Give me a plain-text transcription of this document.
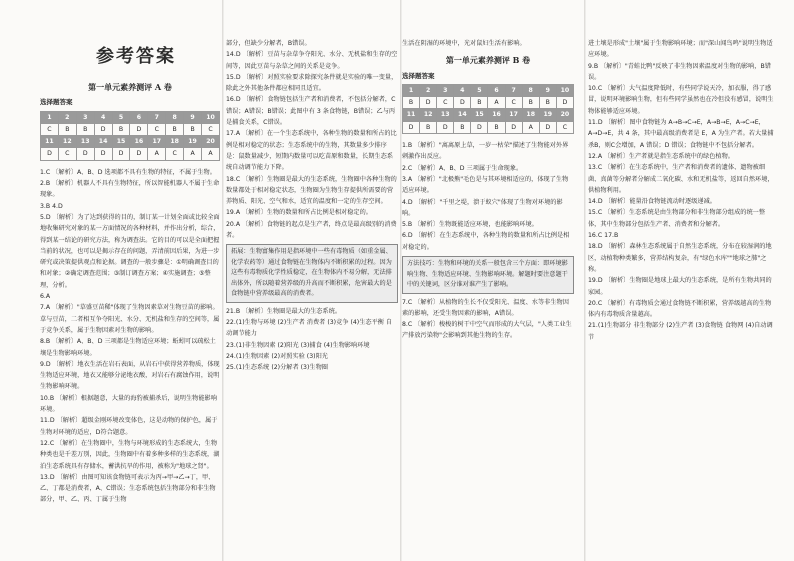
参考答案
第一单元素养测评 A 卷
选择题答案
1	2	3	4	5	6	7	8	9	10
C	B	B	D	B	D	C	B	B	C
11	12	13	14	15	16	17	18	19	20
D	C	D	D	D	D	A	C	A	A

1.C 〔解析〕A、B、D 选项都不具有生物的特征，不属于生物。

2.B 〔解析〕机器人不具有生物特征，所以智能机器人不属于生命现象。

3.B 4.D

5.D 〔解析〕为了达到获得的目的，制订某一计划全面或比较全面地收集研究对象的某一方面情况的各种材料，并作出分析，综合，得到某一结论的研究方法，称为调查法。它的目的可以是全面把握当前的状况，也可以是揭示存在的问题，弄清前因后果，为进一步研究或决策提供观点和论据。调查的一般步骤是：①明确调查目的和对象；②确定调查范围；③制订调查方案；④实施调查；⑤整理，分析。

6.A

7.A 〔解析〕"草盛豆苗稀"体现了生物因素草对生物豆苗的影响。草与豆苗，二者相互争夺阳光、水分、无机盐和生存的空间等，属于竞争关系，属于生物因素对生物的影响。

8.B 〔解析〕A、B、D 三项都是生物适应环境；蚯蚓可以疏松土壤是生物影响环境。

9.D 〔解析〕地衣生活在岩石表面，从岩石中获得营养物质，体现生物适应环境，地衣又能够分泌地衣酸，对岩石有腐蚀作用，说明生物影响环境。

10.B 〔解析〕根据题意，大量的海豹被捕杀后，说明生物能影响环境。

11.D 〔解析〕超级金刚环境改变体色，这是动物的保护色，属于生物对环境的适应，D符合题意。

12.C 〔解析〕在生物圈中，生物与环境形成的生态系统大，生物种类也是千差万别，因此，生物圈中有着多种多样的生态系统，湖泊生态系统具有存储水，蓄洪抗旱的作用，被称为"地球之肾"。

13.D 〔解析〕由图可知该食物链可表示为丙→甲→乙→丁，甲、乙、丁都是消费者，A、C错误；生态系统包括生物部分和非生物部分，甲、乙、丙、丁属于生物

部分，但缺少分解者，B错误。

14.D 〔解析〕豆苗与杂草争夺阳光、水分、无机盐和生存的空间等，因此豆苗与杂草之间的关系是竞争。

15.D 〔解析〕对照实验要求除探究条件就是实验的唯一变量，除此之外其他条件都应相同且适宜。

16.D 〔解析〕食物链包括生产者和消费者，不包括分解者，C错误；A错误；B错误；此图中有 3 条食物链，B错误；乙与丙是捕食关系，C错误。

17.A 〔解析〕在一个生态系统中，各种生物的数量和所占的比例是相对稳定的状态；生态系统中的生物，其数量多少排序是：鼠数量减少，短期内数量可以吃苗原和数量，长期生态系统自动调节能力下降。

18.C 〔解析〕生物圈是最大的生态系统，生物圈中各种生物的数量都处于相对稳定状态，生物圈为生物生存提供所需要的营养物质、阳光、空气和水，适宜的温度和一定的生存空间。

19.A 〔解析〕生物的数量和所占比例是相对稳定的。

20.A 〔解析〕食物链的起点是生产者，终点是最高级别的消费者。

拓展：生物富集作用是指环境中一些有毒物质（如重金属、化学农药等）通过食物链在生物体内不断积累的过程。因为这些有毒物质化学性质稳定，在生物体内不易分解，无法排出体外，所以随着营养级的升高而不断积累，危害最大的是食物链中营养级最高的消费者。

21.B 〔解析〕生物圈是最大的生态系统。

22.(1)生物与环境 (2)生产者 消费者 (3)竞争 (4)生态平衡 自动调节能力

23.(1)非生物因素 (2)阳光 (3)捕食 (4)生物影响环境

24.(1)生物因素 (2)对照实验 (3)阳光

25.(1)生态系统 (2)分解者 (3)生物圈

生活在阴湿的环境中，光对鼠妇生活有影响。

第一单元素养测评 B 卷
选择题答案
1	2	3	4	5	6	7	8	9	10
B	D	C	D	B	A	C	B	B	D
11	12	13	14	15	16	17	18	19	20
D	B	D	B	D	B	D	A	D	C

1.B 〔解析〕"离离原上草，一岁一枯荣"描述了生物能对外界刺激作出反应。

2.C 〔解析〕A、B、D 三项属于生命现象。

3.A 〔解析〕"北极熊"毛色是与其环境相适应的，体现了生物适应环境。

4.D 〔解析〕"千里之堤，溃于蚁穴"体现了生物对环境的影响。

5.B 〔解析〕生物既能适应环境，也能影响环境。

6.D 〔解析〕在生态系统中，各种生物的数量和所占比例是相对稳定的。

方法技巧：生物和环境的关系一般包含三个方面：即环境影响生物、生物适应环境、生物影响环境。解题时要注意题干中的关键词，区分谁对谁产生了影响。

7.C 〔解析〕从植物的生长不仅受阳光、温度、水等非生物因素的影响，还受生物因素的影响，A错误。

8.C 〔解析〕梭梭的树干中空气而形成的大气层，"人类工业生产排放污染物"会影响到其他生物的生存。

进土壤是形成"土壤"属于生物影响环境；而"深山闻鸟鸣"说明生物适应环境。

9.B 〔解析〕"青蛙比鸭"反映了非生物因素温度对生物的影响，B错误。

10.C 〔解析〕大气温度降低时，有些同学说天冷，加衣服，得了感冒，说明环境影响生物，但有些同学虽然也在冷但没有感冒，说明生物体能够适应环境。

11.D 〔解析〕图中食物链为 A→B→C→E，A→B→E，A→C→E，A→D→E，共 4 条，其中最高级消费者是 E，A 为生产者。若大量捕杀B，则C会增加，A 错误；D 错误；食物链中不包括分解者。

12.A 〔解析〕生产者就是指生态系统中的绿色植物。

13.C 〔解析〕在生态系统中，生产者和消费者的遗体、遗物被细菌、真菌等分解者分解成二氧化碳、水和无机盐等，返回自然环境，供植物利用。

14.D 〔解析〕能量沿食物链流动时逐级递减。

15.C 〔解析〕生态系统是由生物部分和非生物部分组成的统一整体，其中生物部分包括生产者、消费者和分解者。

16.C 17.B

18.D 〔解析〕森林生态系统属于自然生态系统，分布在较湿润的地区，动植物种类繁多，营养结构复杂，有"绿色水库""地球之肺"之称。

19.D 〔解析〕生物圈是地球上最大的生态系统，是所有生物共同的家园。

20.C 〔解析〕有毒物质会通过食物链不断积累，营养级越高的生物体内有毒物质含量越高。

21.(1)生物部分 非生物部分 (2)生产者 (3)食物链 食物网 (4)自动调节
